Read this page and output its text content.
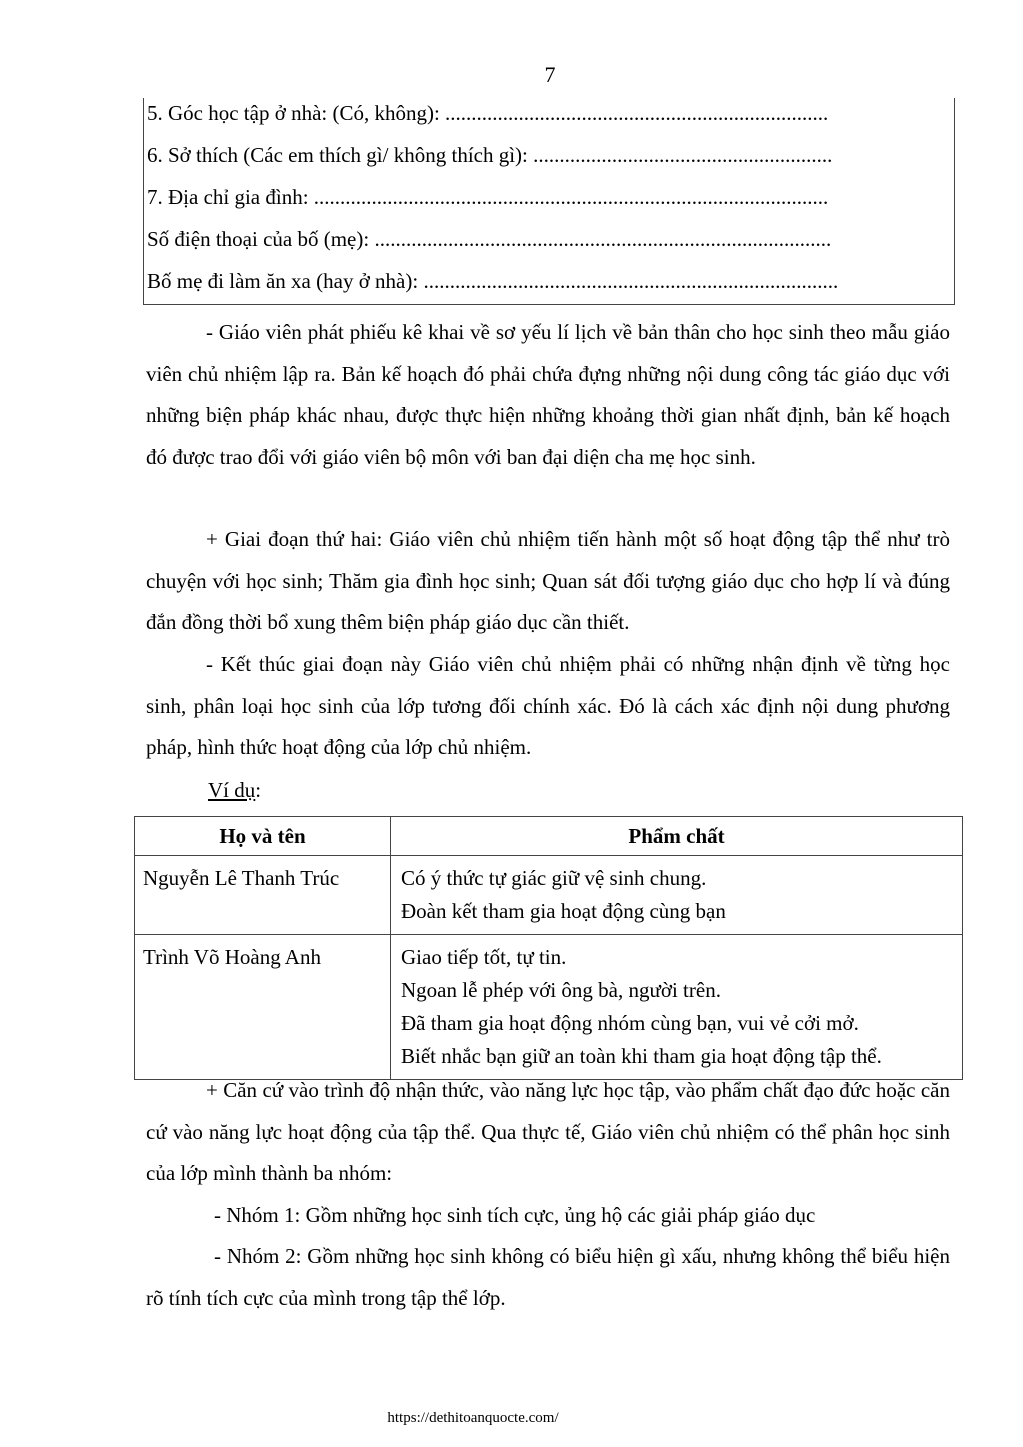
7
5. Góc học tập ở nhà: (Có, không): .........................................................................
6. Sở thích (Các em thích gì/ không thích gì): .........................................................
7. Địa chỉ gia đình: ..................................................................................................
Số điện thoại của bố (mẹ): .......................................................................................
Bố mẹ đi làm ăn xa (hay ở nhà): ...............................................................................

- Giáo viên phát phiếu kê khai về sơ yếu lí lịch về bản thân cho học sinh theo mẫu giáo viên chủ nhiệm lập ra. Bản kế hoạch đó phải chứa đựng những nội dung công tác giáo dục với những biện pháp khác nhau, được thực hiện những khoảng thời gian nhất định, bản kế hoạch đó được trao đổi với giáo viên bộ môn với ban đại diện cha mẹ học sinh.

+ Giai đoạn thứ hai: Giáo viên chủ nhiệm tiến hành một số hoạt động tập thể như trò chuyện với học sinh; Thăm gia đình học sinh; Quan sát đối tượng giáo dục cho hợp lí và đúng đắn đồng thời bổ xung thêm biện pháp giáo dục cần thiết.

- Kết thúc giai đoạn này Giáo viên chủ nhiệm phải có những nhận định về từng học sinh, phân loại học sinh của lớp tương đối chính xác. Đó là cách xác định nội dung phương pháp, hình thức hoạt động của lớp chủ nhiệm.

Ví dụ:
Họ và tên	Phẩm chất
Nguyễn Lê Thanh Trúc	Có ý thức tự giác giữ vệ sinh chung.
Đoàn kết tham gia hoạt động cùng bạn

Trình Võ Hoàng Anh	Giao tiếp tốt, tự tin.
Ngoan lễ phép với ông bà, người trên.
Đã tham gia hoạt động nhóm cùng bạn, vui vẻ cởi mở.
Biết nhắc bạn giữ an toàn khi tham gia hoạt động tập thể.

+ Căn cứ vào trình độ nhận thức, vào năng lực học tập, vào phẩm chất đạo đức hoặc căn cứ vào năng lực hoạt động của tập thể. Qua thực tế, Giáo viên chủ nhiệm có thể phân học sinh của lớp mình thành ba nhóm:

- Nhóm 1: Gồm những học sinh tích cực, ủng hộ các giải pháp giáo dục

- Nhóm 2: Gồm những học sinh không có biểu hiện gì xấu, nhưng không thể biểu hiện rõ tính tích cực của mình trong tập thể lớp.

https://dethitoanquocte.com/
